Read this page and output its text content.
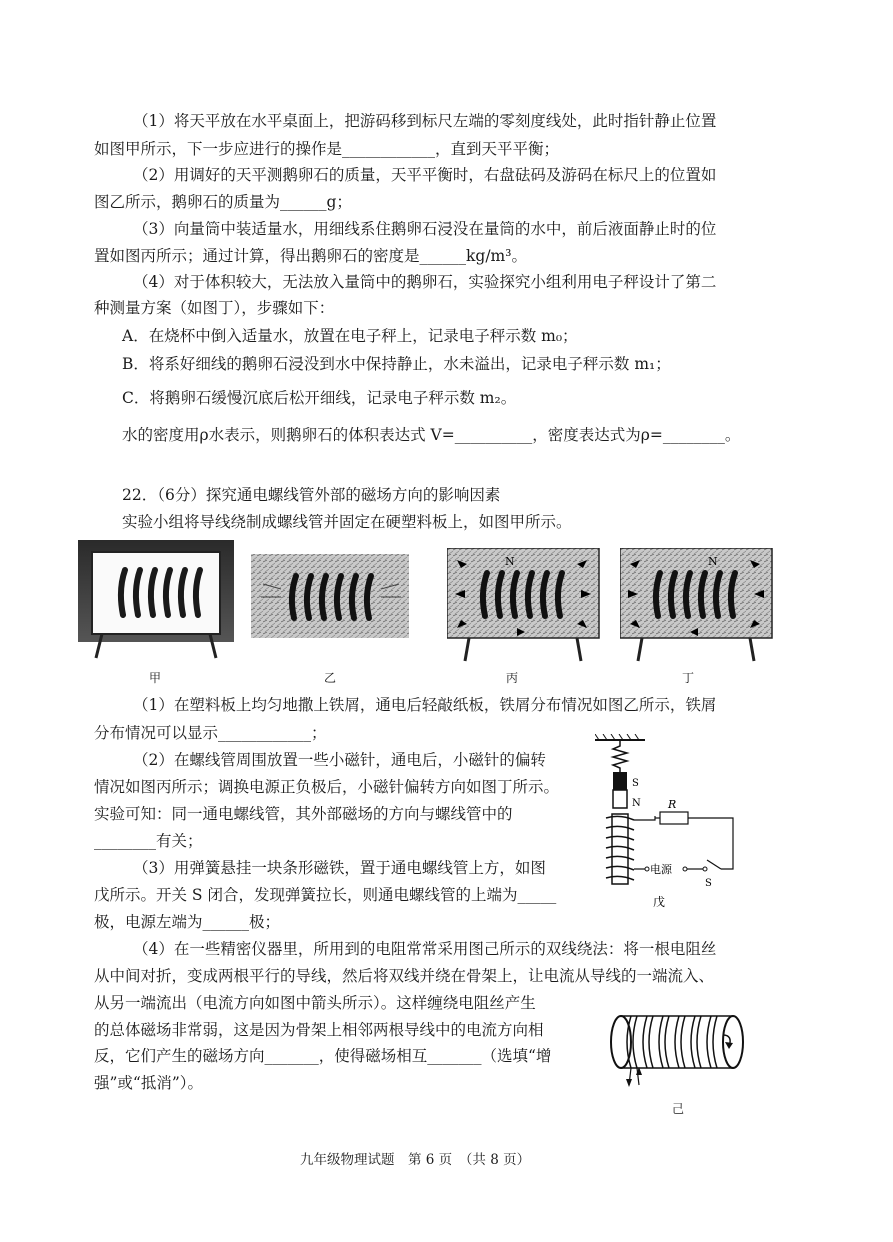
（1）将天平放在水平桌面上，把游码移到标尺左端的零刻度线处，此时指针静止位置
如图甲所示，下一步应进行的操作是____________，直到天平平衡；
（2）用调好的天平测鹅卵石的质量，天平平衡时，右盘砝码及游码在标尺上的位置如
图乙所示，鹅卵石的质量为______g；
（3）向量筒中装适量水，用细线系住鹅卵石浸没在量筒的水中，前后液面静止时的位
置如图丙所示；通过计算，得出鹅卵石的密度是______kg/m³。
（4）对于体积较大，无法放入量筒中的鹅卵石，实验探究小组利用电子秤设计了第二
种测量方案（如图丁），步骤如下：
A．在烧杯中倒入适量水，放置在电子秤上，记录电子秤示数 m₀；
B．将系好细线的鹅卵石浸没到水中保持静止，水未溢出，记录电子秤示数 m₁；
C．将鹅卵石缓慢沉底后松开细线，记录电子秤示数 m₂。
水的密度用ρ水表示，则鹅卵石的体积表达式 V=__________，密度表达式为ρ=________。
22．（6分）探究通电螺线管外部的磁场方向的影响因素
实验小组将导线绕制成螺线管并固定在硬塑料板上，如图甲所示。
N	N
甲	乙	丙	丁
（1）在塑料板上均匀地撒上铁屑，通电后轻敲纸板，铁屑分布情况如图乙所示，铁屑
分布情况可以显示____________；
（2）在螺线管周围放置一些小磁针，通电后，小磁针的偏转
情况如图丙所示；调换电源正负极后，小磁针偏转方向如图丁所示。
实验可知：同一通电螺线管，其外部磁场的方向与螺线管中的
________有关；
（3）用弹簧悬挂一块条形磁铁，置于通电螺线管上方，如图
戊所示。开关 S 闭合，发现弹簧拉长，则通电螺线管的上端为_____
极，电源左端为______极；
（4）在一些精密仪器里，所用到的电阻常常采用图己所示的双线绕法：将一根电阻丝
从中间对折，变成两根平行的导线，然后将双线并绕在骨架上，让电流从导线的一端流入、
从另一端流出（电流方向如图中箭头所示）。这样缠绕电阻丝产生
的总体磁场非常弱，这是因为骨架上相邻两根导线中的电流方向相
反，它们产生的磁场方向_______，使得磁场相互_______（选填“增
强”或“抵消”）。
S
N R
电源
S
戊
己
九年级物理试题　第 6 页　（共 8 页）
